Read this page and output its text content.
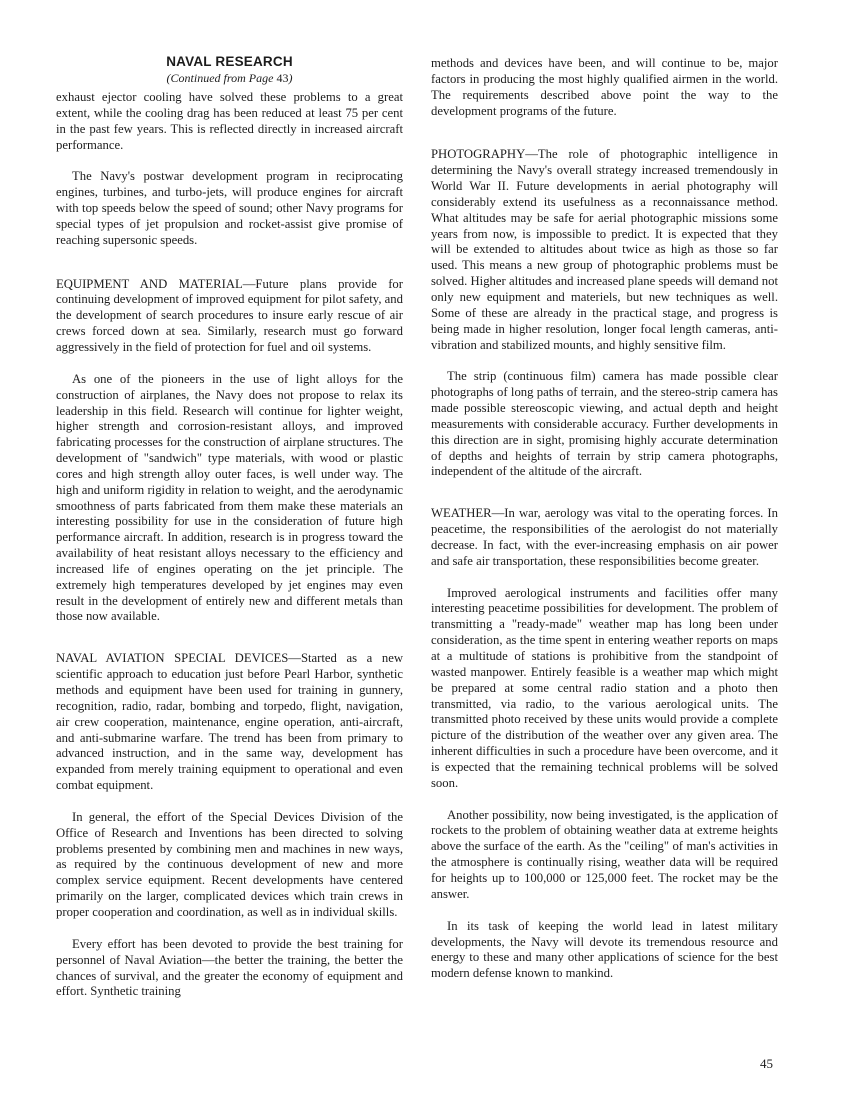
NAVAL RESEARCH
(Continued from Page 43)

exhaust ejector cooling have solved these problems to a great extent, while the cooling drag has been reduced at least 75 per cent in the past few years. This is reflected directly in increased aircraft performance.

The Navy's postwar development program in reciprocating engines, turbines, and turbo-jets, will produce engines for aircraft with top speeds below the speed of sound; other Navy programs for special types of jet propulsion and rocket-assist give promise of reaching supersonic speeds.

EQUIPMENT AND MATERIAL—Future plans provide for continuing development of improved equipment for pilot safety, and the development of search procedures to insure early rescue of air crews forced down at sea. Similarly, research must go forward aggressively in the field of protection for fuel and oil systems.

As one of the pioneers in the use of light alloys for the construction of airplanes, the Navy does not propose to relax its leadership in this field. Research will continue for lighter weight, higher strength and corrosion-resistant alloys, and improved fabricating processes for the construction of airplane structures. The development of "sandwich" type materials, with wood or plastic cores and high strength alloy outer faces, is well under way. The high and uniform rigidity in relation to weight, and the aerodynamic smoothness of parts fabricated from them make these materials an interesting possibility for use in the consideration of future high performance aircraft. In addition, research is in progress toward the availability of heat resistant alloys necessary to the efficiency and increased life of engines operating on the jet principle. The extremely high temperatures developed by jet engines may even result in the development of entirely new and different metals than those now available.

NAVAL AVIATION SPECIAL DEVICES—Started as a new scientific approach to education just before Pearl Harbor, synthetic methods and equipment have been used for training in gunnery, recognition, radio, radar, bombing and torpedo, flight, navigation, air crew cooperation, maintenance, engine operation, anti-aircraft, and anti-submarine warfare. The trend has been from primary to advanced instruction, and in the same way, development has expanded from merely training equipment to operational and even combat equipment.

In general, the effort of the Special Devices Division of the Office of Research and Inventions has been directed to solving problems presented by combining men and machines in new ways, as required by the continuous development of new and more complex service equipment. Recent developments have centered primarily on the larger, complicated devices which train crews in proper cooperation and coordination, as well as in individual skills.

Every effort has been devoted to provide the best training for personnel of Naval Aviation—the better the training, the better the chances of survival, and the greater the economy of equipment and effort. Synthetic training

methods and devices have been, and will continue to be, major factors in producing the most highly qualified airmen in the world. The requirements described above point the way to the development programs of the future.

PHOTOGRAPHY—The role of photographic intelligence in determining the Navy's overall strategy increased tremendously in World War II. Future developments in aerial photography will considerably extend its usefulness as a reconnaissance method. What altitudes may be safe for aerial photographic missions some years from now, is impossible to predict. It is expected that they will be extended to altitudes about twice as high as those so far used. This means a new group of photographic problems must be solved. Higher altitudes and increased plane speeds will demand not only new equipment and materiels, but new techniques as well. Some of these are already in the practical stage, and progress is being made in higher resolution, longer focal length cameras, anti-vibration and stabilized mounts, and highly sensitive film.

The strip (continuous film) camera has made possible clear photographs of long paths of terrain, and the stereo-strip camera has made possible stereoscopic viewing, and actual depth and height measurements with considerable accuracy. Further developments in this direction are in sight, promising highly accurate determination of depths and heights of terrain by strip camera photographs, independent of the altitude of the aircraft.

WEATHER—In war, aerology was vital to the operating forces. In peacetime, the responsibilities of the aerologist do not materially decrease. In fact, with the ever-increasing emphasis on air power and safe air transportation, these responsibilities become greater.

Improved aerological instruments and facilities offer many interesting peacetime possibilities for development. The problem of transmitting a "ready-made" weather map has long been under consideration, as the time spent in entering weather reports on maps at a multitude of stations is prohibitive from the standpoint of wasted manpower. Entirely feasible is a weather map which might be prepared at some central radio station and a photo then transmitted, via radio, to the various aerological units. The transmitted photo received by these units would provide a complete picture of the distribution of the weather over any given area. The inherent difficulties in such a procedure have been overcome, and it is expected that the remaining technical problems will be solved soon.

Another possibility, now being investigated, is the application of rockets to the problem of obtaining weather data at extreme heights above the surface of the earth. As the "ceiling" of man's activities in the atmosphere is continually rising, weather data will be required for heights up to 100,000 or 125,000 feet. The rocket may be the answer.

In its task of keeping the world lead in latest military developments, the Navy will devote its tremendous resource and energy to these and many other applications of science for the best modern defense known to mankind.

45
